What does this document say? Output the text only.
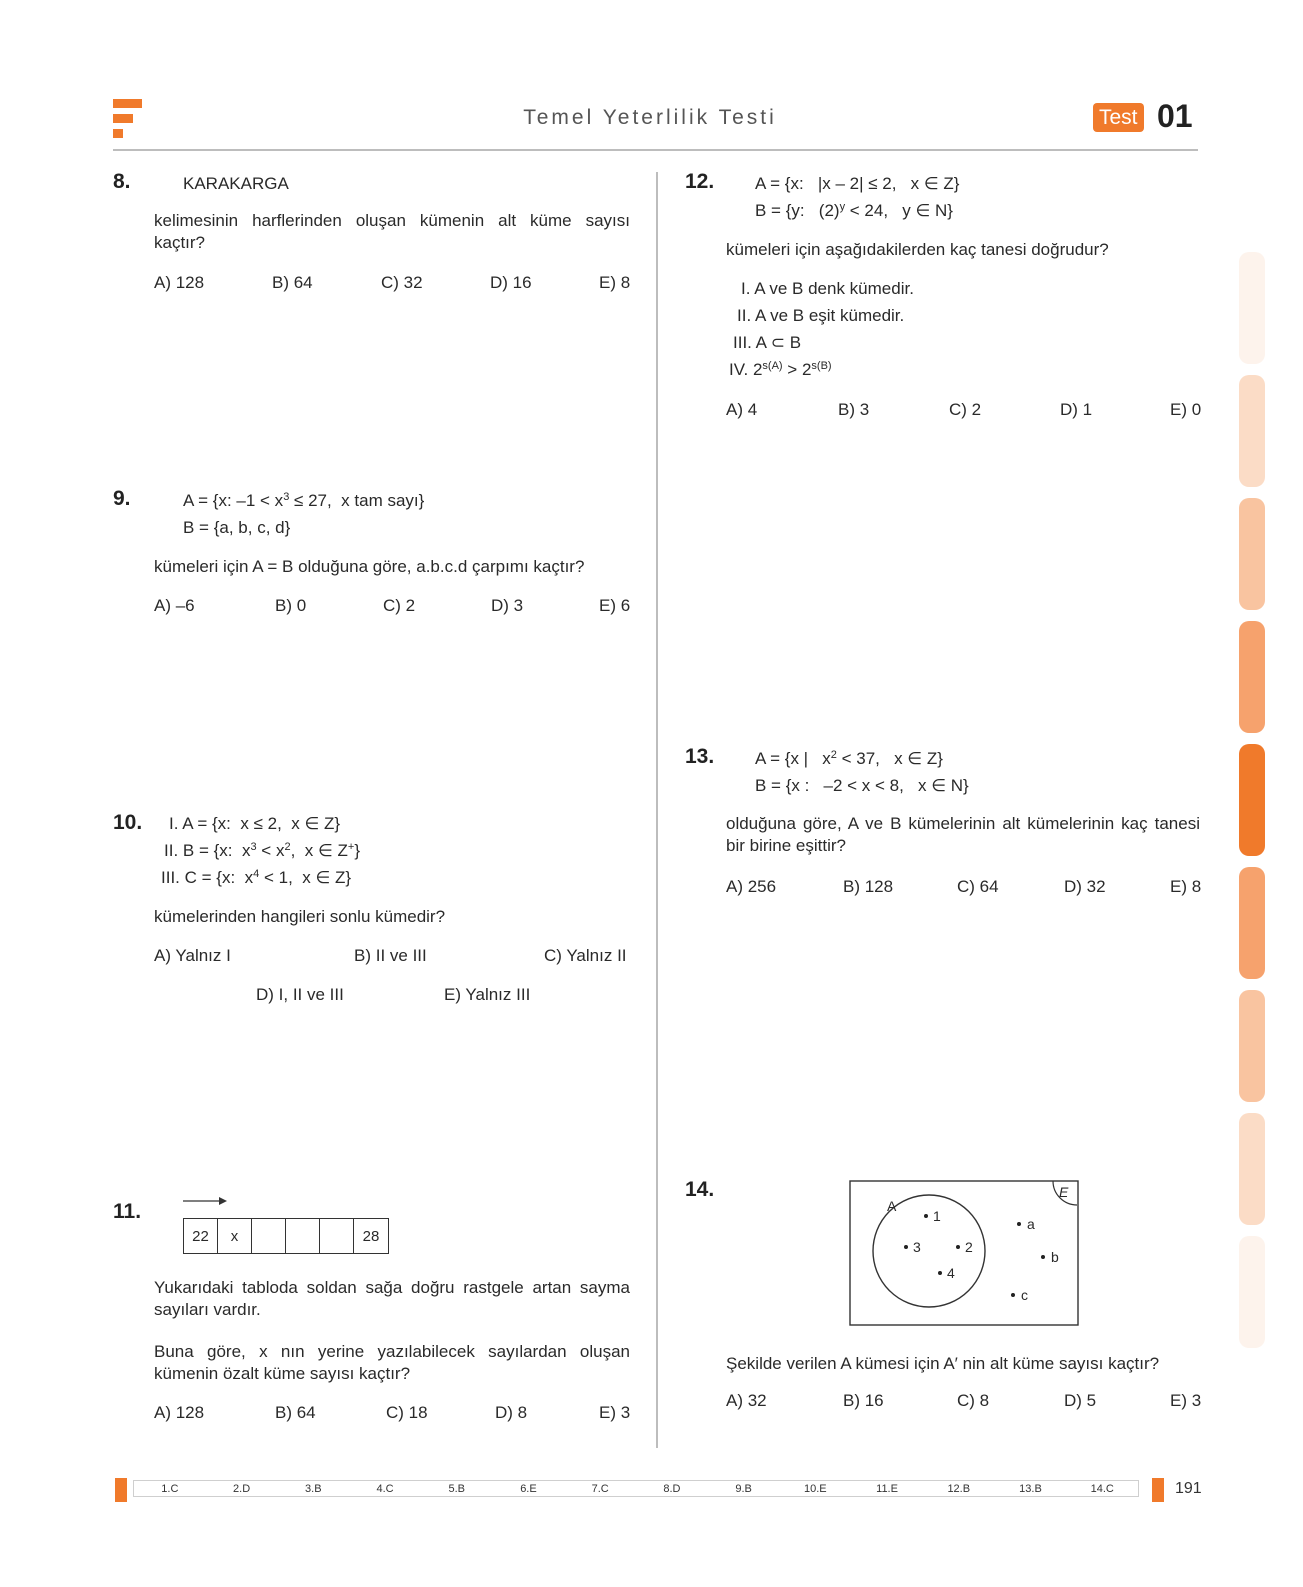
Temel Yeterlilik Testi	Test 01
8.	KARAKARGA
kelimesinin harflerinden oluşan kümenin alt küme sayısı kaçtır?
A) 128	B) 64	C) 32	D) 16	E) 8
9.	A = {x: $-1 < x^3 \le 27$,  x tam sayı}
B = {a, b, c, d}
kümeleri için A = B olduğuna göre, a.b.c.d çarpımı kaçtır?
A) –6	B) 0	C) 2	D) 3	E) 6
10. I. A = {x:  x ≤ 2,  x ∈ Z}
II. B = {x:  $x^3 < x^2$,  x ∈ Z+}
III. C = {x:  $x^4 < 1$,  x ∈ Z}
kümelerinden hangileri sonlu kümedir?
A) Yalnız I	B) II ve III	C) Yalnız II
D) I, II ve III	E) Yalnız III
11.
22	x	28
Yukarıdaki tabloda soldan sağa doğru rastgele artan sayma sayıları vardır.
Buna göre, x nın yerine yazılabilecek sayılardan oluşan kümenin özalt küme sayısı kaçtır?
A) 128	B) 64	C) 18	D) 8	E) 3
12. A = {x:   |x – 2| ≤ 2,   x ∈ Z}
B = {y:   $(2)^y < 24$,   y ∈ N}
kümeleri için aşağıdakilerden kaç tanesi doğrudur?
I. A ve B denk kümedir.
II. A ve B eşit kümedir.
III. A ⊂ B
IV. $2^{s(A)} > 2^{s(B)}$
A) 4	B) 3	C) 2	D) 1	E) 0
13. A = {x |   $x^2 < 37$,   x ∈ Z}
B = {x :   –2 < x < 8,   x ∈ N}
olduğuna göre, A ve B kümelerinin alt kümelerinin kaç tanesi bir birine eşittir?
A) 256	B) 128	C) 64	D) 32	E) 8
14.	E
A
1
3	2
4
a
b
c
Şekilde verilen A kümesi için A′ nin alt küme sayısı kaçtır?
A) 32	B) 16	C) 8	D) 5	E) 3
1.C	2.D	3.B	4.C	5.B	6.E	7.C	8.D	9.B	10.E	11.E	12.B	13.B	14.C	191
